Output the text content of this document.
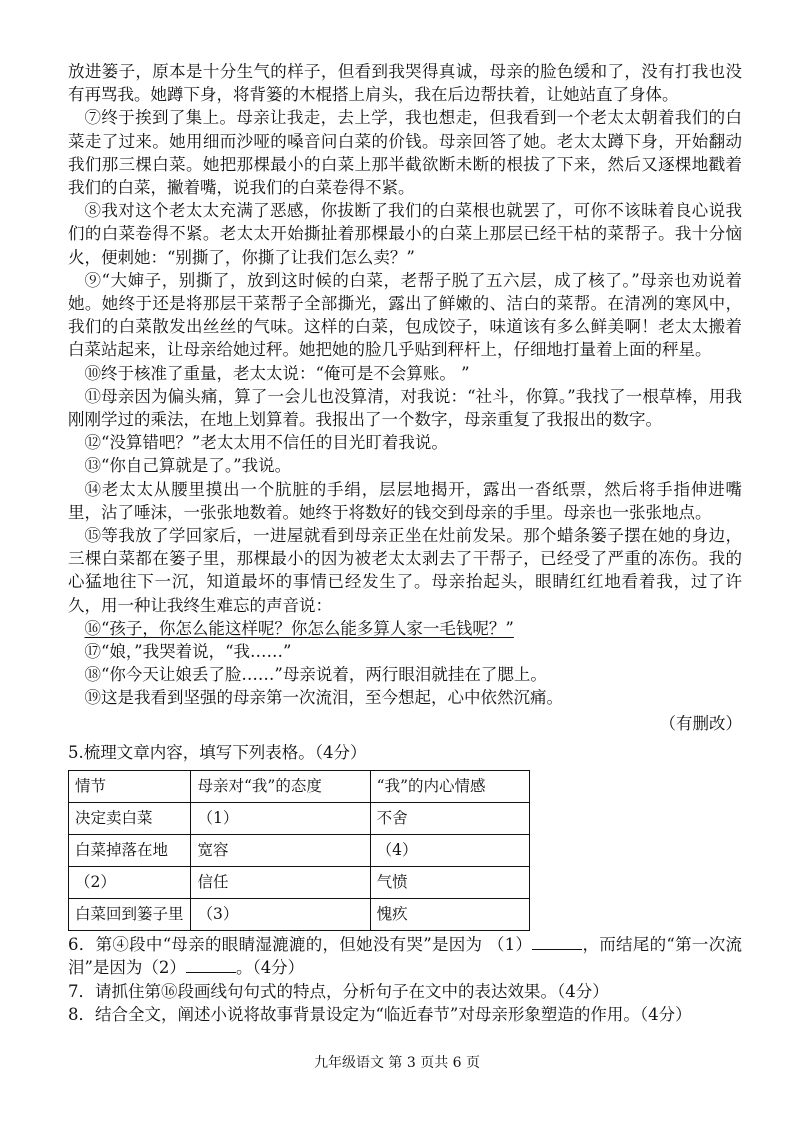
放进篓子，原本是十分生气的样子，但看到我哭得真诚，母亲的脸色缓和了，没有打我也没有再骂我。她蹲下身，将背篓的木棍搭上肩头，我在后边帮扶着，让她站直了身体。
⑦终于挨到了集上。母亲让我走，去上学，我也想走，但我看到一个老太太朝着我们的白菜走了过来。她用细而沙哑的嗓音问白菜的价钱。母亲回答了她。老太太蹲下身，开始翻动我们那三棵白菜。她把那棵最小的白菜上那半截欲断未断的根拔了下来，然后又逐棵地戳着我们的白菜，撇着嘴，说我们的白菜卷得不紧。
⑧我对这个老太太充满了恶感，你拔断了我们的白菜根也就罢了，可你不该昧着良心说我们的白菜卷得不紧。老太太开始撕扯着那棵最小的白菜上那层已经干枯的菜帮子。我十分恼火，便刺她：“别撕了，你撕了让我们怎么卖？”
⑨“大婶子，别撕了，放到这时候的白菜，老帮子脱了五六层，成了核了。”母亲也劝说着她。她终于还是将那层干菜帮子全部撕光，露出了鲜嫩的、洁白的菜帮。在清冽的寒风中，我们的白菜散发出丝丝的气味。这样的白菜，包成饺子，味道该有多么鲜美啊！老太太搬着白菜站起来，让母亲给她过秤。她把她的脸几乎贴到秤杆上，仔细地打量着上面的秤星。
⑩终于核准了重量，老太太说：“俺可是不会算账。 ”
⑪母亲因为偏头痛，算了一会儿也没算清，对我说：“社斗，你算。”我找了一根草棒，用我刚刚学过的乘法，在地上划算着。我报出了一个数字，母亲重复了我报出的数字。
⑫“没算错吧？”老太太用不信任的目光盯着我说。
⑬“你自己算就是了。”我说。
⑭老太太从腰里摸出一个肮脏的手绢，层层地揭开，露出一沓纸票，然后将手指伸进嘴里，沾了唾沫，一张张地数着。她终于将数好的钱交到母亲的手里。母亲也一张张地点。
⑮等我放了学回家后，一进屋就看到母亲正坐在灶前发呆。那个蜡条篓子摆在她的身边，三棵白菜都在篓子里，那棵最小的因为被老太太剥去了干帮子，已经受了严重的冻伤。我的心猛地往下一沉，知道最坏的事情已经发生了。母亲抬起头，眼睛红红地看着我，过了许久，用一种让我终生难忘的声音说：
⑯“孩子，你怎么能这样呢？你怎么能多算人家一毛钱呢？”
⑰“娘，”我哭着说，“我……”
⑱“你今天让娘丢了脸……”母亲说着，两行眼泪就挂在了腮上。
⑲这是我看到坚强的母亲第一次流泪，至今想起，心中依然沉痛。
（有删改）
5.梳理文章内容，填写下列表格。（4分）
情节	母亲对“我”的态度	“我”的内心情感
决定卖白菜	（1）	不舍
白菜掉落在地	宽容	（4）
（2）	信任	气愤
白菜回到篓子里	（3）	愧疚
6．第④段中“母亲的眼睛湿漉漉的，但她没有哭”是因为 （1）	，而结尾的“第一次流泪”是因为（2）	。（4分）
7．请抓住第⑯段画线句句式的特点，分析句子在文中的表达效果。（4分）
8．结合全文，阐述小说将故事背景设定为“临近春节”对母亲形象塑造的作用。（4分）
九年级语文 第 3 页共 6 页
